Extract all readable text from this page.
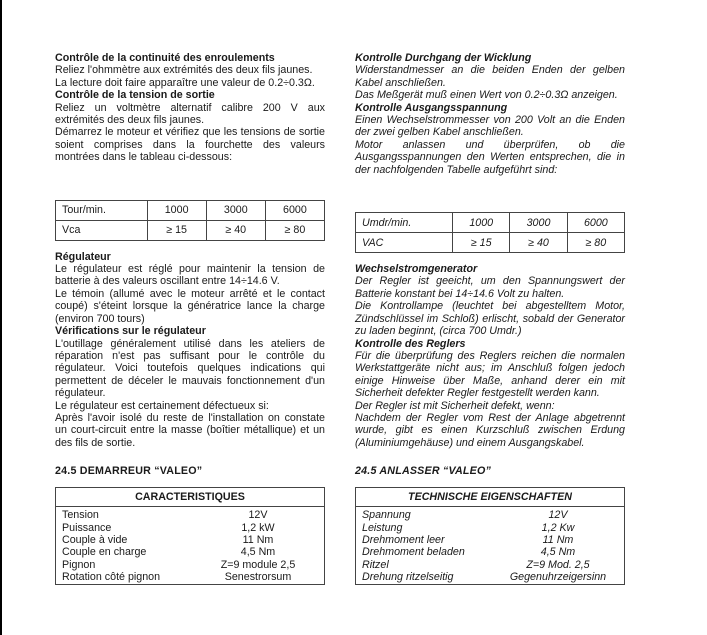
Contrôle de la continuité des enroulements

Reliez l'ohmmètre aux extrémités des deux fils jaunes.

La lecture doit faire apparaître une valeur de 0.2÷0.3Ω.

Contrôle de la tension de sortie

Reliez un voltmètre alternatif calibre 200 V aux extrémités des deux fils jaunes.

Démarrez le moteur et vérifiez que les tensions de sortie soient comprises dans la fourchette des valeurs montrées dans le tableau ci-dessous:

Tour/min.	1000	3000	6000
Vca	≥ 15	≥ 40	≥ 80
Régulateur

Le régulateur est réglé pour maintenir la tension de batterie à des valeurs oscillant entre 14÷14.6 V.

Le témoin (allumé avec le moteur arrêté et le contact coupé) s'éteint lorsque la génératrice lance la charge (environ 700 tours)

Vérifications sur le régulateur

L'outillage généralement utilisé dans les ateliers de réparation n'est pas suffisant pour le contrôle du régulateur. Voici toutefois quelques indications qui permettent de déceler le mauvais fonctionnement d'un régulateur.

Le régulateur est certainement défectueux si:

Après l'avoir isolé du reste de l'installation on constate un court-circuit entre la masse (boîtier métallique) et un des fils de sortie.

24.5 DEMARREUR “VALEO”
CARACTERISTIQUES
Tension	12V
Puissance	1,2 kW
Couple à vide	11 Nm
Couple en charge	4,5 Nm
Pignon	Z=9 module 2,5
Rotation côté pignon	Senestrorsum
Kontrolle Durchgang der Wicklung

Widerstandmesser an die beiden Enden der gelben Kabel anschließen.

Das Meßgerät muß einen Wert von 0.2÷0.3Ω anzeigen.

Kontrolle Ausgangsspannung

Einen Wechselstrommesser von 200 Volt an die Enden der zwei gelben Kabel anschließen.

Motor anlassen und überprüfen, ob die Ausgangsspannungen den Werten entsprechen, die in der nachfolgenden Tabelle aufgeführt sind:

Umdr/min.	1000	3000	6000
VAC	≥ 15	≥ 40	≥ 80
Wechselstromgenerator

Der Regler ist geeicht, um den Spannungswert der Batterie konstant bei 14÷14.6 Volt zu halten.

Die Kontrollampe (leuchtet bei abgestelltem Motor, Zündschlüssel im Schloß) erlischt, sobald der Generator zu laden beginnt, (circa 700 Umdr.)

Kontrolle des Reglers

Für die überprüfung des Reglers reichen die normalen Werkstattgeräte nicht aus; im Anschluß folgen jedoch einige Hinweise über Maße, anhand derer ein mit Sicherheit defekter Regler festgestellt werden kann.

Der Regler ist mit Sicherheit defekt, wenn:

Nachdem der Regler vom Rest der Anlage abgetrennt wurde, gibt es einen Kurzschluß zwischen Erdung (Aluminiumgehäuse) und einem Ausgangskabel.

24.5 ANLASSER “VALEO”
TECHNISCHE EIGENSCHAFTEN
Spannung	12V
Leistung	1,2 Kw
Drehmoment leer	11 Nm
Drehmoment beladen	4,5 Nm
Ritzel	Z=9 Mod. 2,5
Drehung ritzelseitig	Gegenuhrzeigersinn
